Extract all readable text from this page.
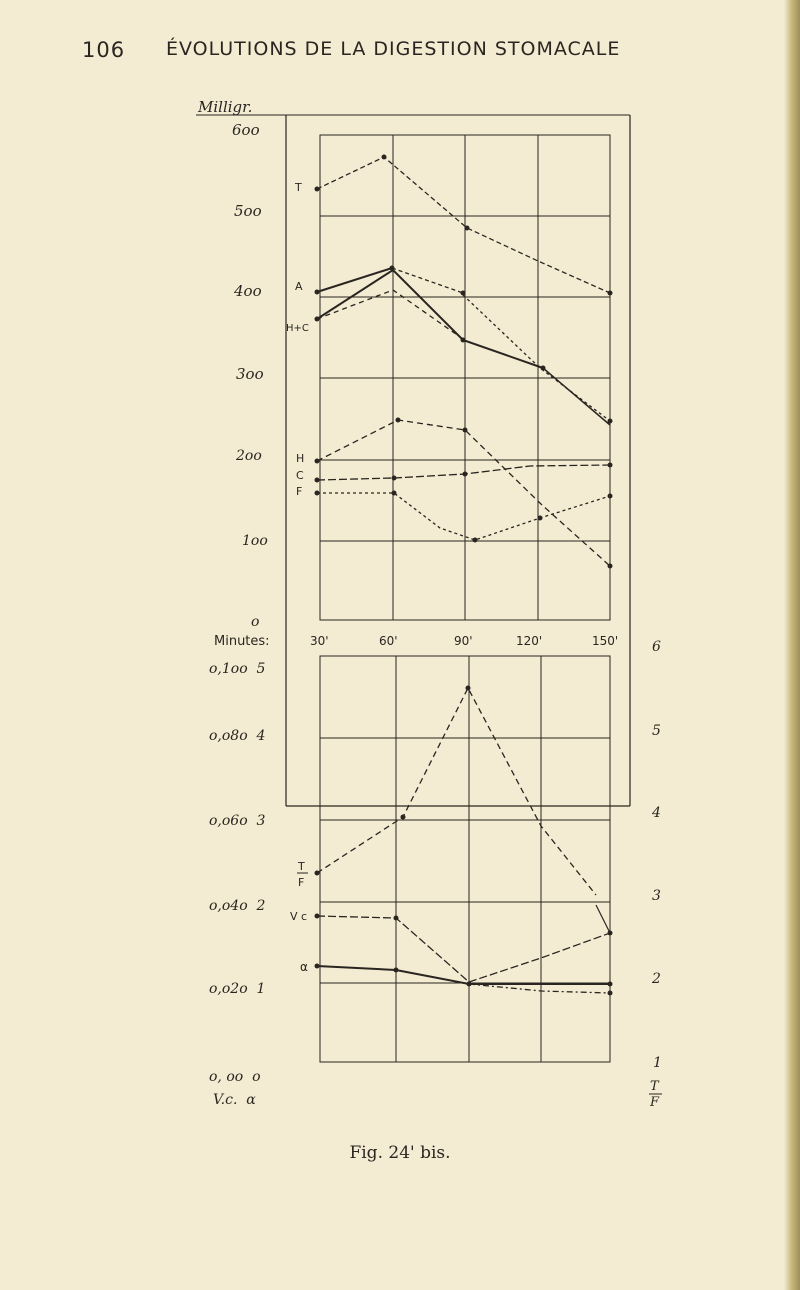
106 ÉVOLUTIONS DE LA DIGESTION STOMACALE
Milligr.
6oo
5oo
4oo
3oo
2oo
1oo
o
Minutes:
o,1oo  5
o,o8o  4
o,o6o  3
o,o4o  2
o,o2o  1
o, oo  o
V.c.  α
6
5
4
3
2
1
T
F
T
A
H+C
H
C
F
30'	60'	90'	120'	150'
T
F
V c
α
Fig. 24' bis.
